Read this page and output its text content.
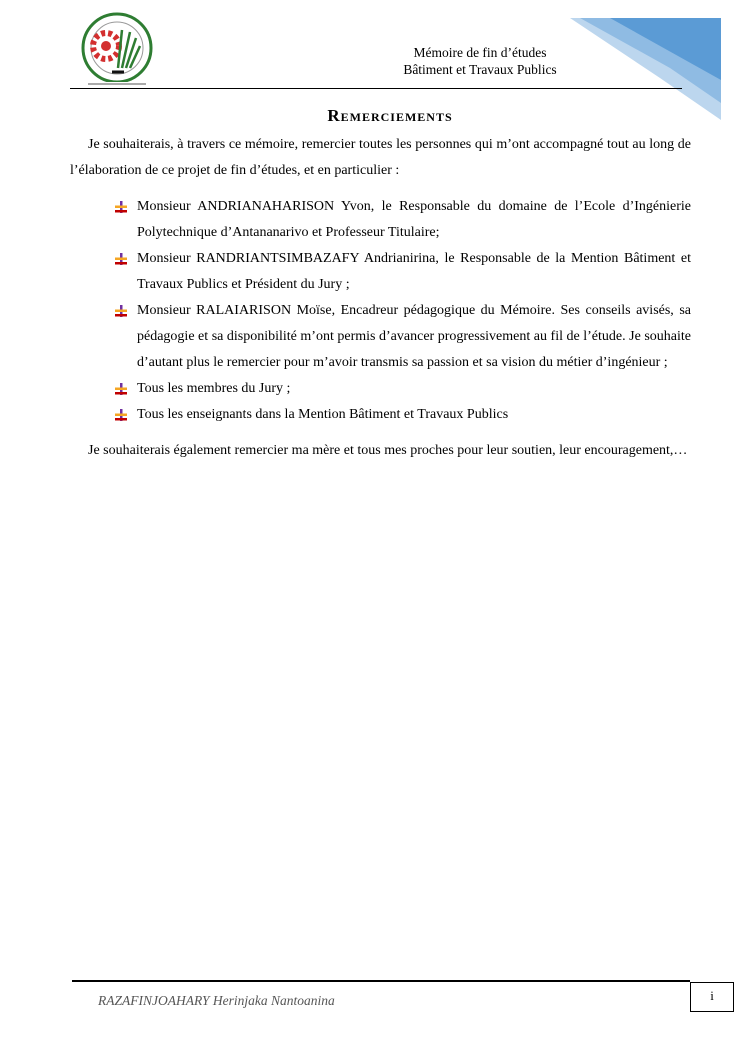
Mémoire de fin d’études
Bâtiment et Travaux Publics
Remerciements

Je souhaiterais, à travers ce mémoire, remercier toutes les personnes qui m’ont accompagné tout au long de l’élaboration de ce projet de fin d’études, et en particulier :

Monsieur ANDRIANAHARISON Yvon, le Responsable du domaine de l’Ecole d’Ingénierie Polytechnique d’Antananarivo et Professeur Titulaire;
Monsieur RANDRIANTSIMBAZAFY Andrianirina, le Responsable de la Mention Bâtiment et Travaux Publics et Président du Jury ;
Monsieur RALAIARISON Moïse, Encadreur pédagogique du Mémoire. Ses conseils avisés, sa pédagogie et sa disponibilité m’ont permis d’avancer progressivement au fil de l’étude. Je souhaite d’autant plus le remercier pour m’avoir transmis sa passion et sa vision du métier d’ingénieur ;
Tous les membres du Jury ;
Tous les enseignants dans la Mention Bâtiment et Travaux Publics

Je souhaiterais également remercier ma mère et tous mes proches pour leur soutien, leur encouragement,…

RAZAFINJOAHARY Herinjaka Nantoanina	i
